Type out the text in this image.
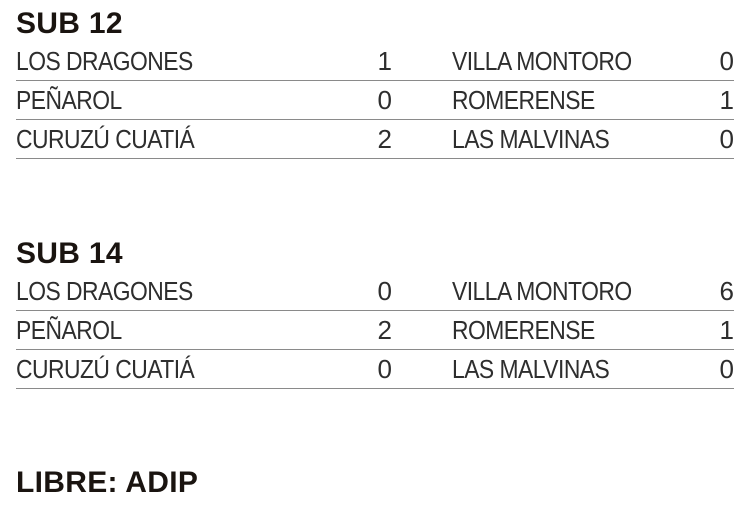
SUB 12
LOS DRAGONES	1	VILLA MONTORO	0
PEÑAROL	0	ROMERENSE	1
CURUZÚ CUATIÁ	2	LAS MALVINAS	0
SUB 14
LOS DRAGONES	0	VILLA MONTORO	6
PEÑAROL	2	ROMERENSE	1
CURUZÚ CUATIÁ	0	LAS MALVINAS	0
LIBRE: ADIP
